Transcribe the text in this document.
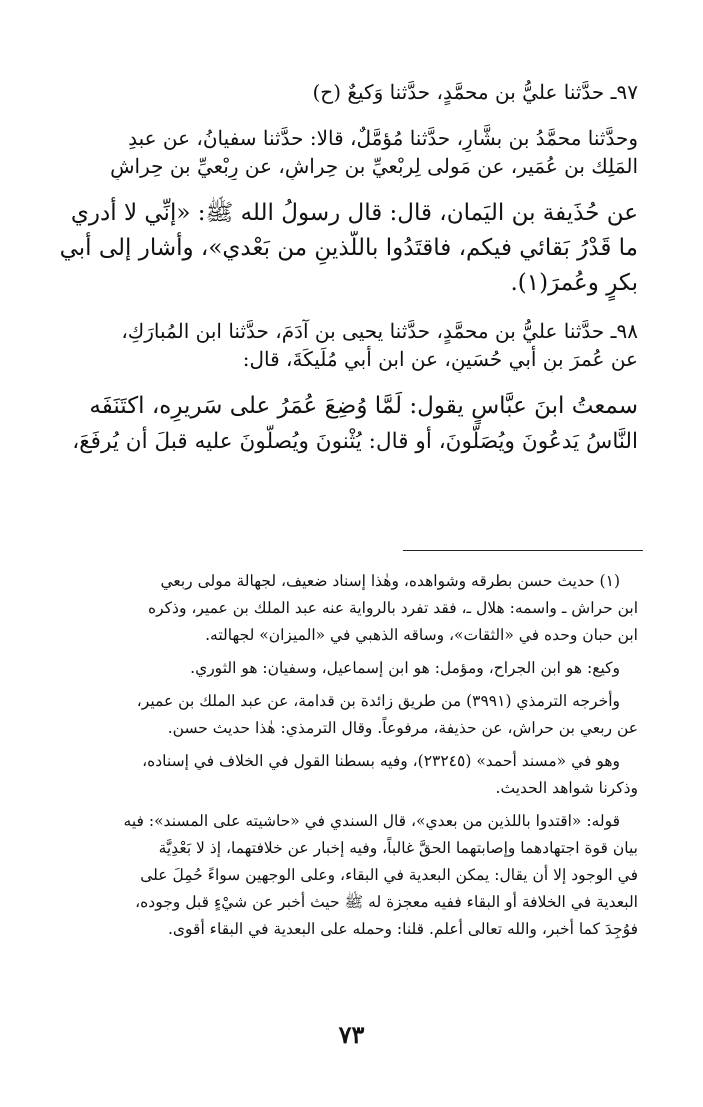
٩٧ـ حدَّثنا عليُّ بن محمَّدٍ، حدَّثنا وَكيعٌ (ح)
وحدَّثنا محمَّدُ بن بشَّارٍ، حدَّثنا مُؤمَّلٌ، قالا: حدَّثنا سفيانُ، عن عبدِ
المَلِك بن عُمَير، عن مَولى لِربْعيِّ بن حِراشٍ، عن رِبْعيِّ بن حِراشٍ
عن حُذَيفة بن اليَمان، قال: قال رسولُ الله ﷺ: «إنِّي لا أدري
ما قَدْرُ بَقائي فيكم، فاقتَدُوا باللَّذينِ من بَعْدي»، وأشار إلى أبي
بكرٍ وعُمرَ(١).
٩٨ـ حدَّثنا عليُّ بن محمَّدٍ، حدَّثنا يحيى بن آدَمَ، حدَّثنا ابن المُبارَكِ،
عن عُمرَ بنِ أبي حُسَينٍ، عن ابن أبي مُلَيكَةَ، قال:
سمعتُ ابنَ عبَّاسٍ يقول: لَمَّا وُضِعَ عُمَرُ على سَريرِه، اكتَنَفَه
النَّاسُ يَدعُونَ ويُصَلُّونَ، أو قال: يُثْنونَ ويُصلُّونَ عليه قبلَ أن يُرفَعَ،
(١) حديث حسن بطرقه وشواهده، وهٰذا إسناد ضعيف، لجهالة مولى ربعي
ابن حراش ـ واسمه: هلال ـ، فقد تفرد بالرواية عنه عبد الملك بن عمير، وذكره
ابن حبان وحده في «الثقات»، وساقه الذهبي في «الميزان» لجهالته.
وكيع: هو ابن الجراح، ومؤمل: هو ابن إسماعيل، وسفيان: هو الثوري.
وأخرجه الترمذي (٣٩٩١) من طريق زائدة بن قدامة، عن عبد الملك بن عمير،
عن ربعي بن حراش، عن حذيفة، مرفوعاً. وقال الترمذي: هٰذا حديث حسن.
وهو في «مسند أحمد» (٢٣٢٤٥)، وفيه بسطنا القول في الخلاف في إسناده،
وذكرنا شواهد الحديث.
قوله: «اقتدوا باللذين من بعدي»، قال السندي في «حاشيته على المسند»: فيه
بيان قوة اجتهادهما وإصابتهما الحقَّ غالباً، وفيه إخبار عن خلافتهما، إذ لا بَعْدِيَّة
في الوجود إلا أن يقال: يمكن البعدية في البقاء، وعلى الوجهين سواءً حُمِلَ على
البعدية في الخلافة أو البقاء ففيه معجزة له ﷺ حيث أخبر عن شيْءٍ قبل وجوده،
فوُجِدَ كما أخبر، والله تعالى أعلم. قلنا: وحمله على البعدية في البقاء أقوى.
٧٣
